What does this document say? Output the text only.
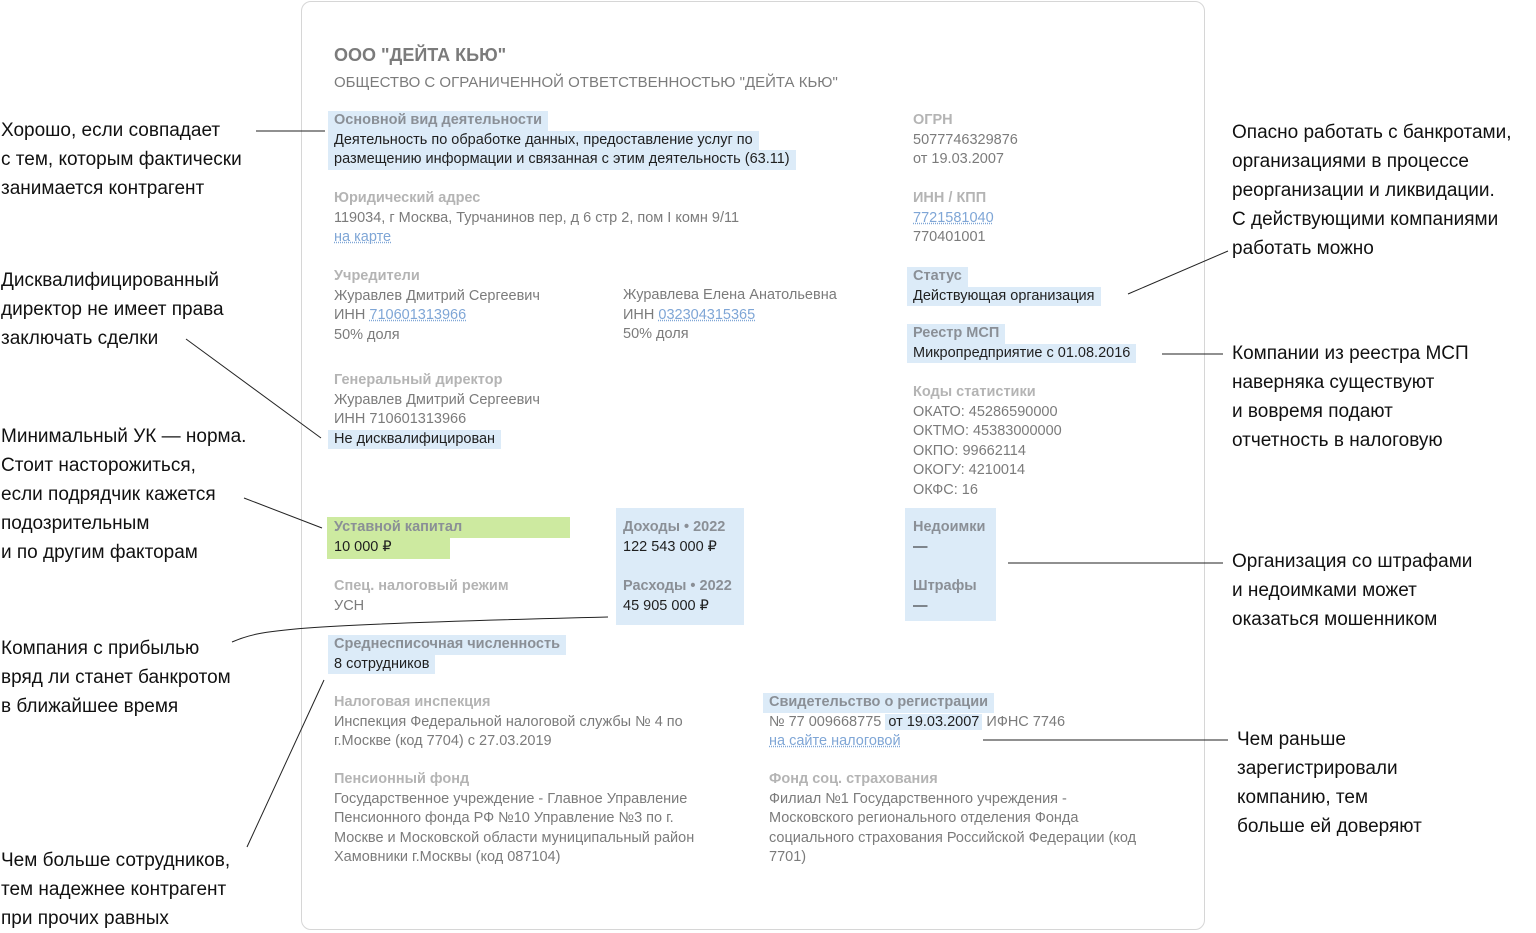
ООО "ДЕЙТА КЬЮ"
ОБЩЕСТВО С ОГРАНИЧЕННОЙ ОТВЕТСТВЕННОСТЬЮ "ДЕЙТА КЬЮ"
Основной вид деятельности
Деятельность по обработке данных, предоставление услуг по
размещению информации и связанная с этим деятельность (63.11)
ОГРН
5077746329876
от 19.03.2007
Юридический адрес
119034, г Москва, Турчанинов пер, д 6 стр 2, пом I комн 9/11
на карте
ИНН / КПП
7721581040
770401001
Учредители
Журавлев Дмитрий Сергеевич
ИНН 710601313966
50% доля
Журавлева Елена Анатольевна
ИНН 032304315365
50% доля
Статус
Действующая организация
Реестр МСП
Микропредприятие с 01.08.2016
Генеральный директор
Журавлев Дмитрий Сергеевич
ИНН 710601313966
Не дисквалифицирован
Коды статистики
ОКАТО: 45286590000
ОКТМО: 45383000000
ОКПО: 99662114
ОКОГУ: 4210014
ОКФС: 16
Уставной капитал
10 000 ₽
Доходы • 2022
122 543 000 ₽
Расходы • 2022
45 905 000 ₽
Недоимки
—
Штрафы
—
Спец. налоговый режим
УСН
Среднесписочная численность
8 сотрудников
Налоговая инспекция
Инспекция Федеральной налоговой службы № 4 по
г.Москве (код 7704) с 27.03.2019
Свидетельство о регистрации

№ 77 009668775 от 19.03.2007 ИФНС 7746
на сайте налоговой
Пенсионный фонд
Государственное учреждение - Главное Управление
Пенсионного фонда РФ №10 Управление №3 по г.
Москве и Московской области муниципальный район
Хамовники г.Москвы (код 087104)
Фонд соц. страхования
Филиал №1 Государственного учреждения -
Московского регионального отделения Фонда
социального страхования Российской Федерации (код
7701)
Хорошо, если совпадает
с тем, которым фактически
занимается контрагент
Дисквалифицированный
директор не имеет права
заключать сделки
Минимальный УК — норма.
Стоит насторожиться,
если подрядчик кажется
подозрительным
и по другим факторам
Компания с прибылью
вряд ли станет банкротом
в ближайшее время
Чем больше сотрудников,
тем надежнее контрагент
при прочих равных
Опасно работать с банкротами,
организациями в процессе
реорганизации и ликвидации.
С действующими компаниями
работать можно
Компании из реестра МСП
наверняка существуют
и вовремя подают
отчетность в налоговую
Организация со штрафами
и недоимками может
оказаться мошенником
Чем раньше
зарегистрировали
компанию, тем
больше ей доверяют
